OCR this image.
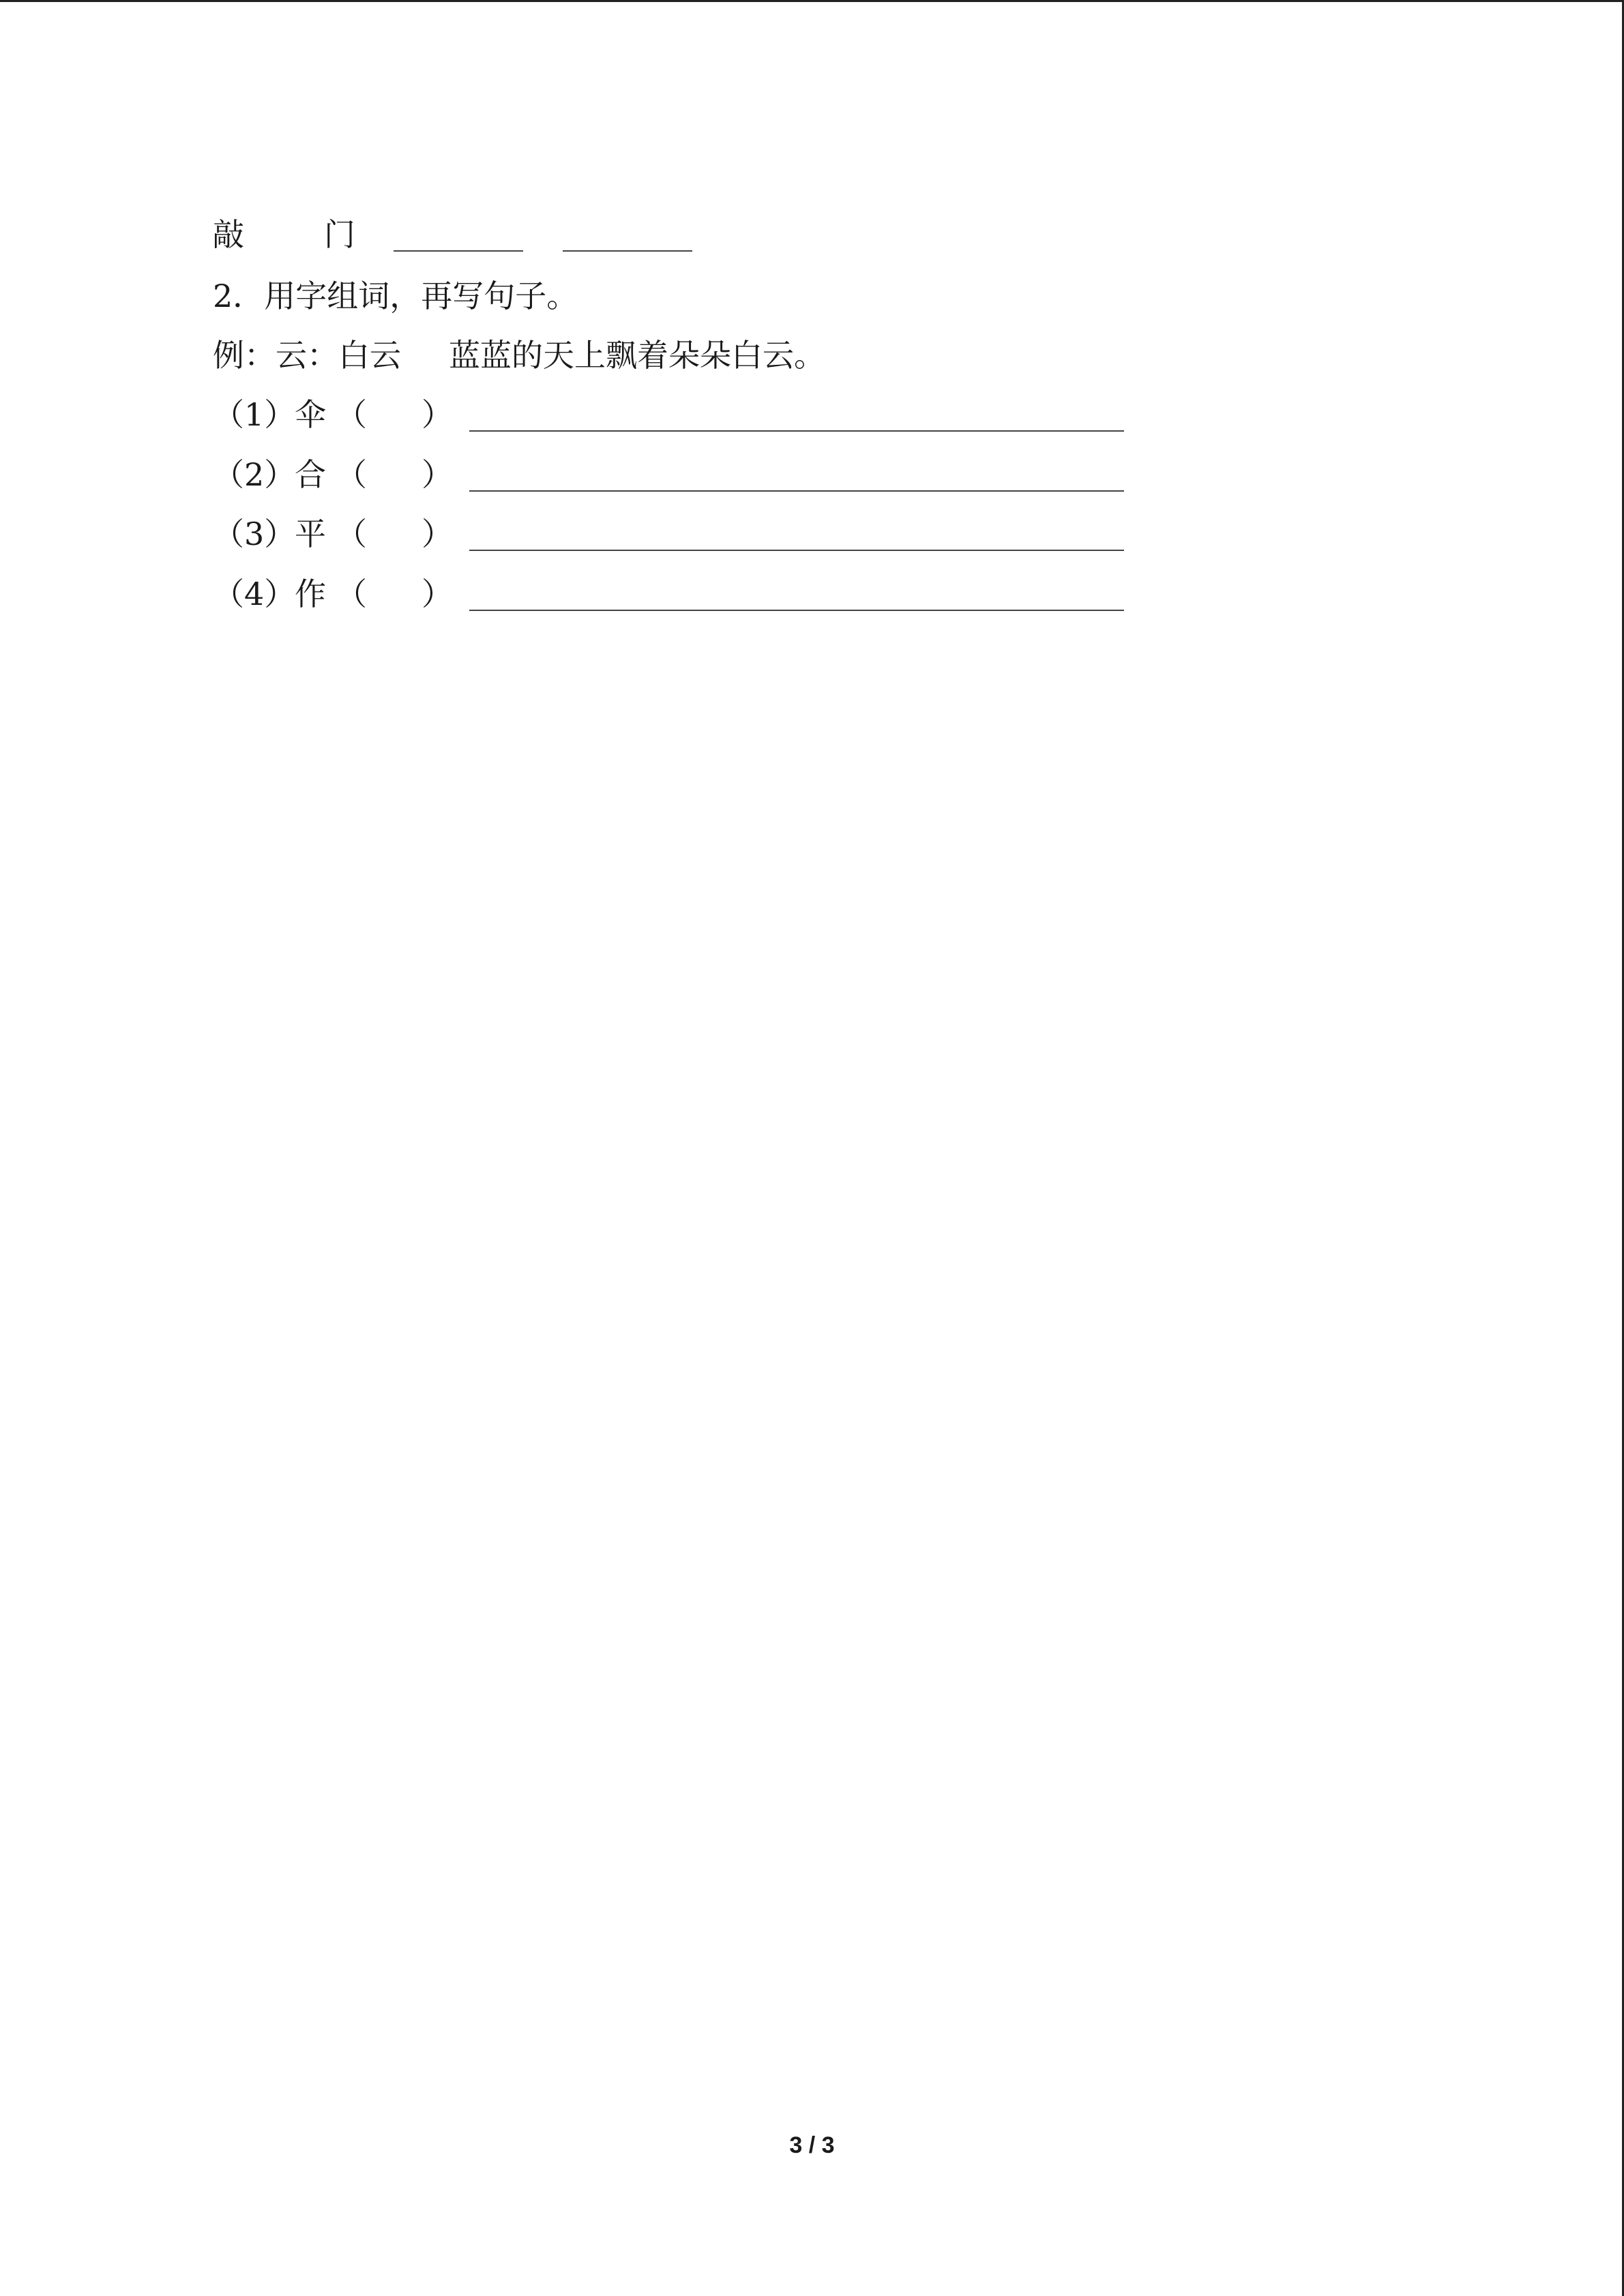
敲	门
2．用字组词，再写句子。
例：云：白云 蓝蓝的天上飘着朵朵白云。
（1）
伞 （ ）
（2）
合 （ ）
（3）
平 （ ）
（4）
作 （ ）
3 / 3
